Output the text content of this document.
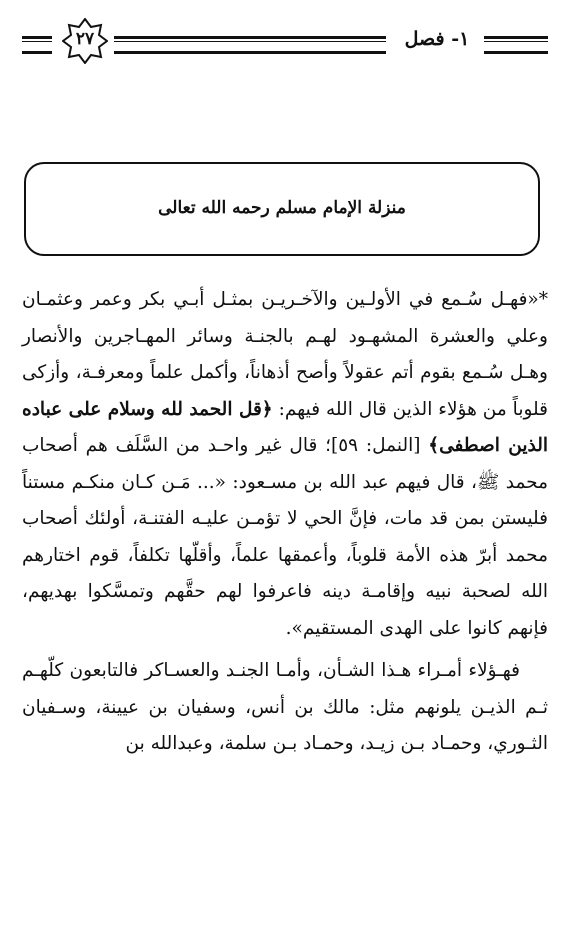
٢٧	١- فصل
منزلة الإمام مسلم رحمه الله تعالى

*«فهـل سُـمع في الأولـين والآخـريـن بمثـل أبـي بكر وعمر وعثمـان وعلي والعشرة المشهـود لهـم بالجنـة وسائر المهـاجرين والأنصار وهـل سُـمع بقوم أتم عقولاً وأصح أذهاناً، وأكمل علماً ومعرفـة، وأزكى قلوباً من هؤلاء الذين قال الله فيهم: ﴿قل الحمد لله وسلام على عباده الذين اصطفى﴾ [النمل: ٥٩]؛ قال غير واحـد من السَّلَف هم أصحاب محمد ﷺ، قال فيهم عبد الله بن مسـعود: «... مَـن كـان منكـم مستناً فليستن بمن قد مات، فإنَّ الحي لا تؤمـن عليـه الفتنـة، أولئك أصحاب محمد أبرّ هذه الأمة قلوباً، وأعمقها علماً، وأقلّها تكلفاً، قوم اختارهم الله لصحبة نبيه وإقامـة دينه فاعرفوا لهم حقَّهم وتمسَّكوا بهديهم، فإنهم كانوا على الهدى المستقيم».

فهـؤلاء أمـراء هـذا الشـأن، وأمـا الجنـد والعسـاكر فالتابعون كلّهـم ثـم الذيـن يلونهم مثل: مالك بن أنس، وسفيان بن عيينة، وسـفيان الثـوري، وحمـاد بـن زيـد، وحمـاد بـن سلمة، وعبدالله بن
